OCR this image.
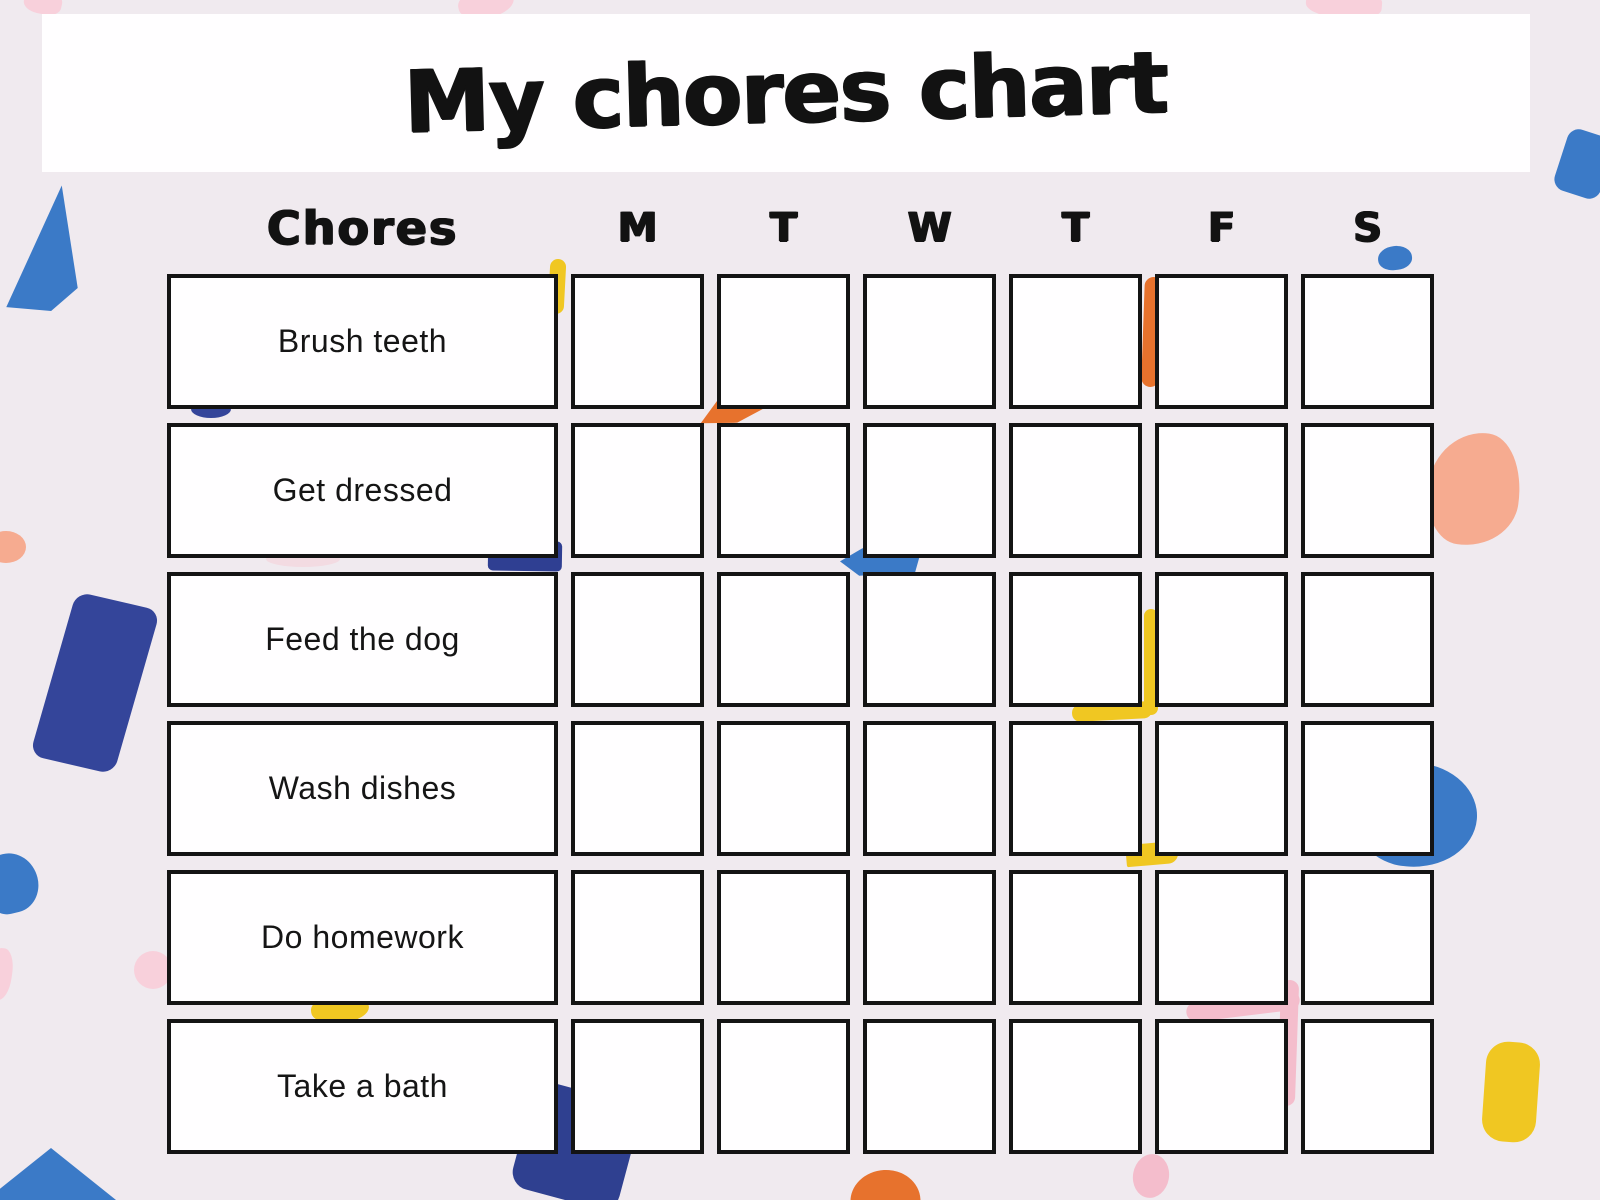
My chores chart
Chores	M	T	W	T	F	S
Brush teeth
Get dressed
Feed the dog
Wash dishes
Do homework
Take a bath
